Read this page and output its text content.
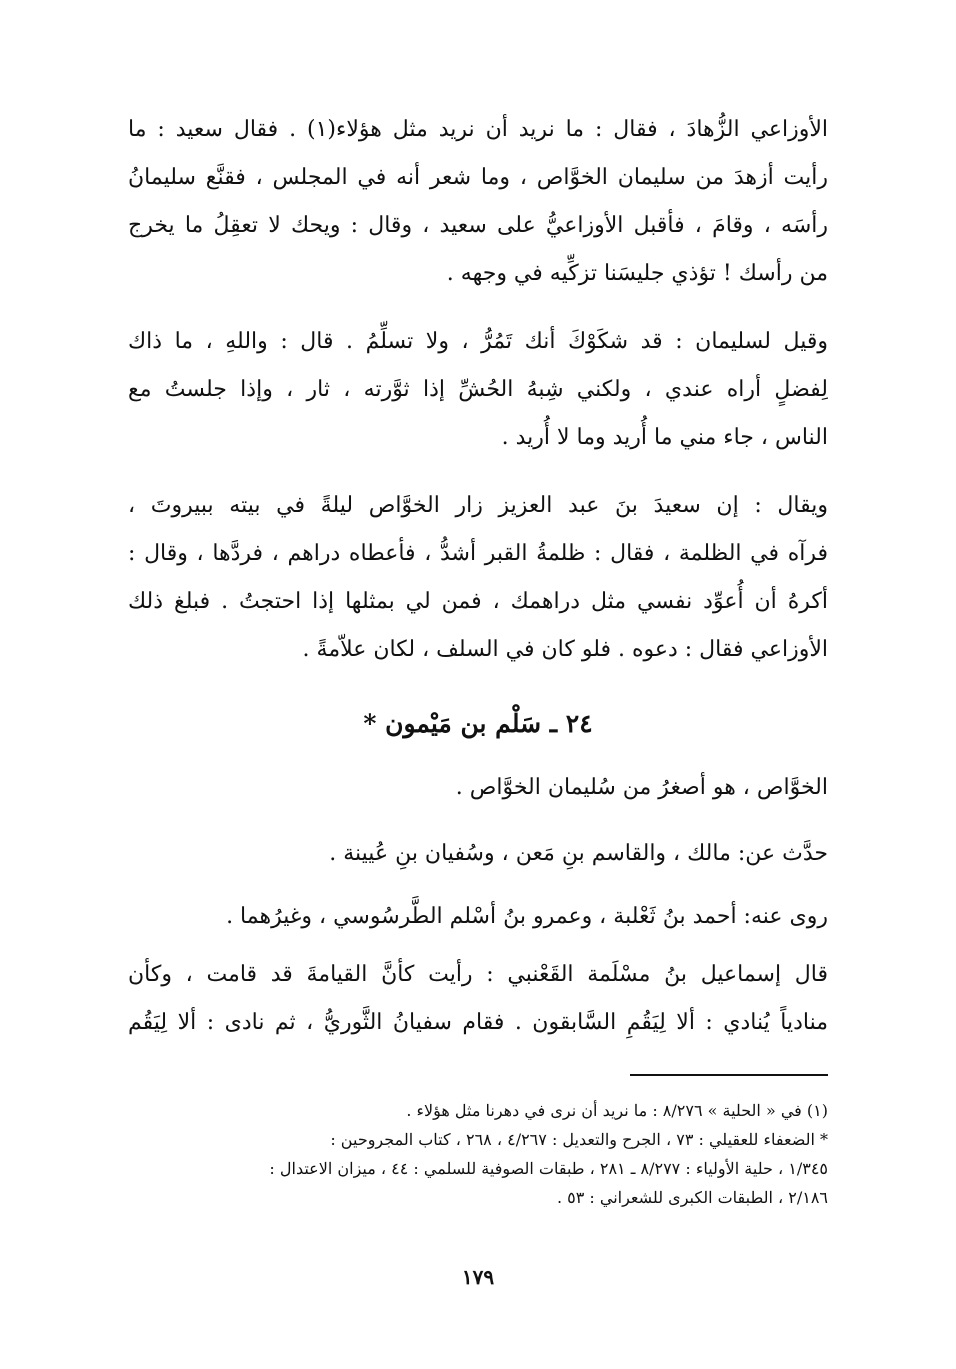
الأوزاعي الزُّهادَ ، فقال : ما نريد أن نريد مثل هؤلاء(١) . فقال سعيد : ما
رأيت أزهدَ من سليمان الخوَّاص ، وما شعر أنه في المجلس ، فقنَّع سليمانُ
رأسَه ، وقامَ ، فأقبل الأوزاعيُّ على سعيد ، وقال : ويحك لا تعقِلُ ما يخرج
من رأسك ! تؤذي جليسَنا تزكِّيه في وجهه .
وقيل لسليمان : قد شكَوْكَ أنك تَمُرُّ ، ولا تسلِّمُ . قال : واللهِ ، ما ذاك
لِفضلٍ أراه عندي ، ولكني شِبهُ الحُشِّ إذا ثوَّرته ، ثار ، وإذا جلستُ مع
الناس ، جاء مني ما أُريد وما لا أُريد .
ويقال : إن سعيدَ بنَ عبد العزيز زار الخوَّاص ليلةً في بيته ببيروتَ ،
فرآه في الظلمة ، فقال : ظلمةُ القبر أشدُّ ، فأعطاه دراهم ، فردَّها ، وقال :
أكرهُ أن أُعوِّد نفسي مثل دراهمك ، فمن لي بمثلها إذا احتجتُ . فبلغ ذلك
الأوزاعي فقال : دعوه . فلو كان في السلف ، لكان علاّمةً .
٢٤ ـ سَلْم بن مَيْمون *
الخوَّاص ، هو أصغرُ من سُليمان الخوَّاص .
حدَّث عن: مالك ، والقاسم بنِ مَعن ، وسُفيان بنِ عُيينة .
روى عنه: أحمد بنُ ثَعْلبة ، وعمرو بنُ أسْلم الطَّرسُوسي ، وغيرُهما .
قال إسماعيل بنُ مسْلَمة القَعْنبي : رأيت كأنَّ القيامةَ قد قامت ، وكأن
منادياً يُنادي : ألا لِيَقُمِ السَّابقون . فقام سفيانُ الثَّوريُّ ، ثم نادى : ألا لِيَقُم
(١) في « الحلية » ٨/٢٧٦ : ما نريد أن نرى في دهرنا مثل هؤلاء .
* الضعفاء للعقيلي : ٧٣ ، الجرح والتعديل : ٤/٢٦٧ ، ٢٦٨ ، كتاب المجروحين :
١/٣٤٥ ، حلية الأولياء : ٨/٢٧٧ ـ ٢٨١ ، طبقات الصوفية للسلمي : ٤٤ ، ميزان الاعتدال :
٢/١٨٦ ، الطبقات الكبرى للشعراني : ٥٣ .
١٧٩
